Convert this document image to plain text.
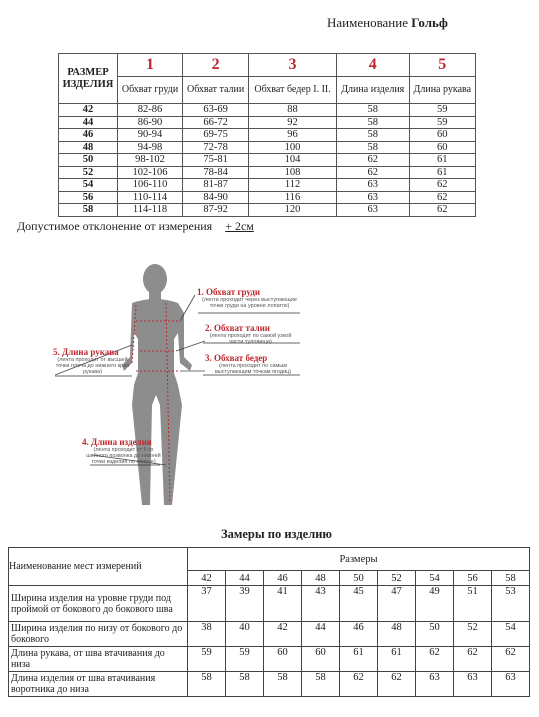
Наименование Гольф
РАЗМЕР ИЗДЕЛИЯ	1	2	3	4	5
	Обхват груди	Обхват талии	Обхват бедер I. II.	Длина изделия	Длина рукава
42	82-86	63-69	88	58	59
44	86-90	66-72	92	58	59
46	90-94	69-75	96	58	60
48	94-98	72-78	100	58	60
50	98-102	75-81	104	62	61
52	102-106	78-84	108	62	61
54	106-110	81-87	112	63	62
56	110-114	84-90	116	63	62
58	114-118	87-92	120	63	62
Допустимое отклонение от измерения + 2см
1. Обхват груди
(лента проходит через выступающие точки груди на уровне лопаток)
2. Обхват талии
(лента проходит по самой узкой части туловища)
3. Обхват бедер
(лента проходит по самым выступающим точкам ягодиц)
4. Длина изделия
(лента проходит от 6-го шейного позвонка до нижней точки изделия по спинке)
5. Длина рукава
(лента проходит от высшей точки плеча до нижнего края рукава)
Замеры по изделию
Наименование мест измерений	Размеры								
	42	44	46	48	50	52	54	56	58
Ширина изделия на уровне груди под проймой от бокового до бокового шва	37	39	41	43	45	47	49	51	53
Ширина изделия по низу от бокового до бокового	38	40	42	44	46	48	50	52	54
Длина рукава, от шва втачивания до низа	59	59	60	60	61	61	62	62	62
Длина изделия от шва втачивания воротника до низа	58	58	58	58	62	62	63	63	63
